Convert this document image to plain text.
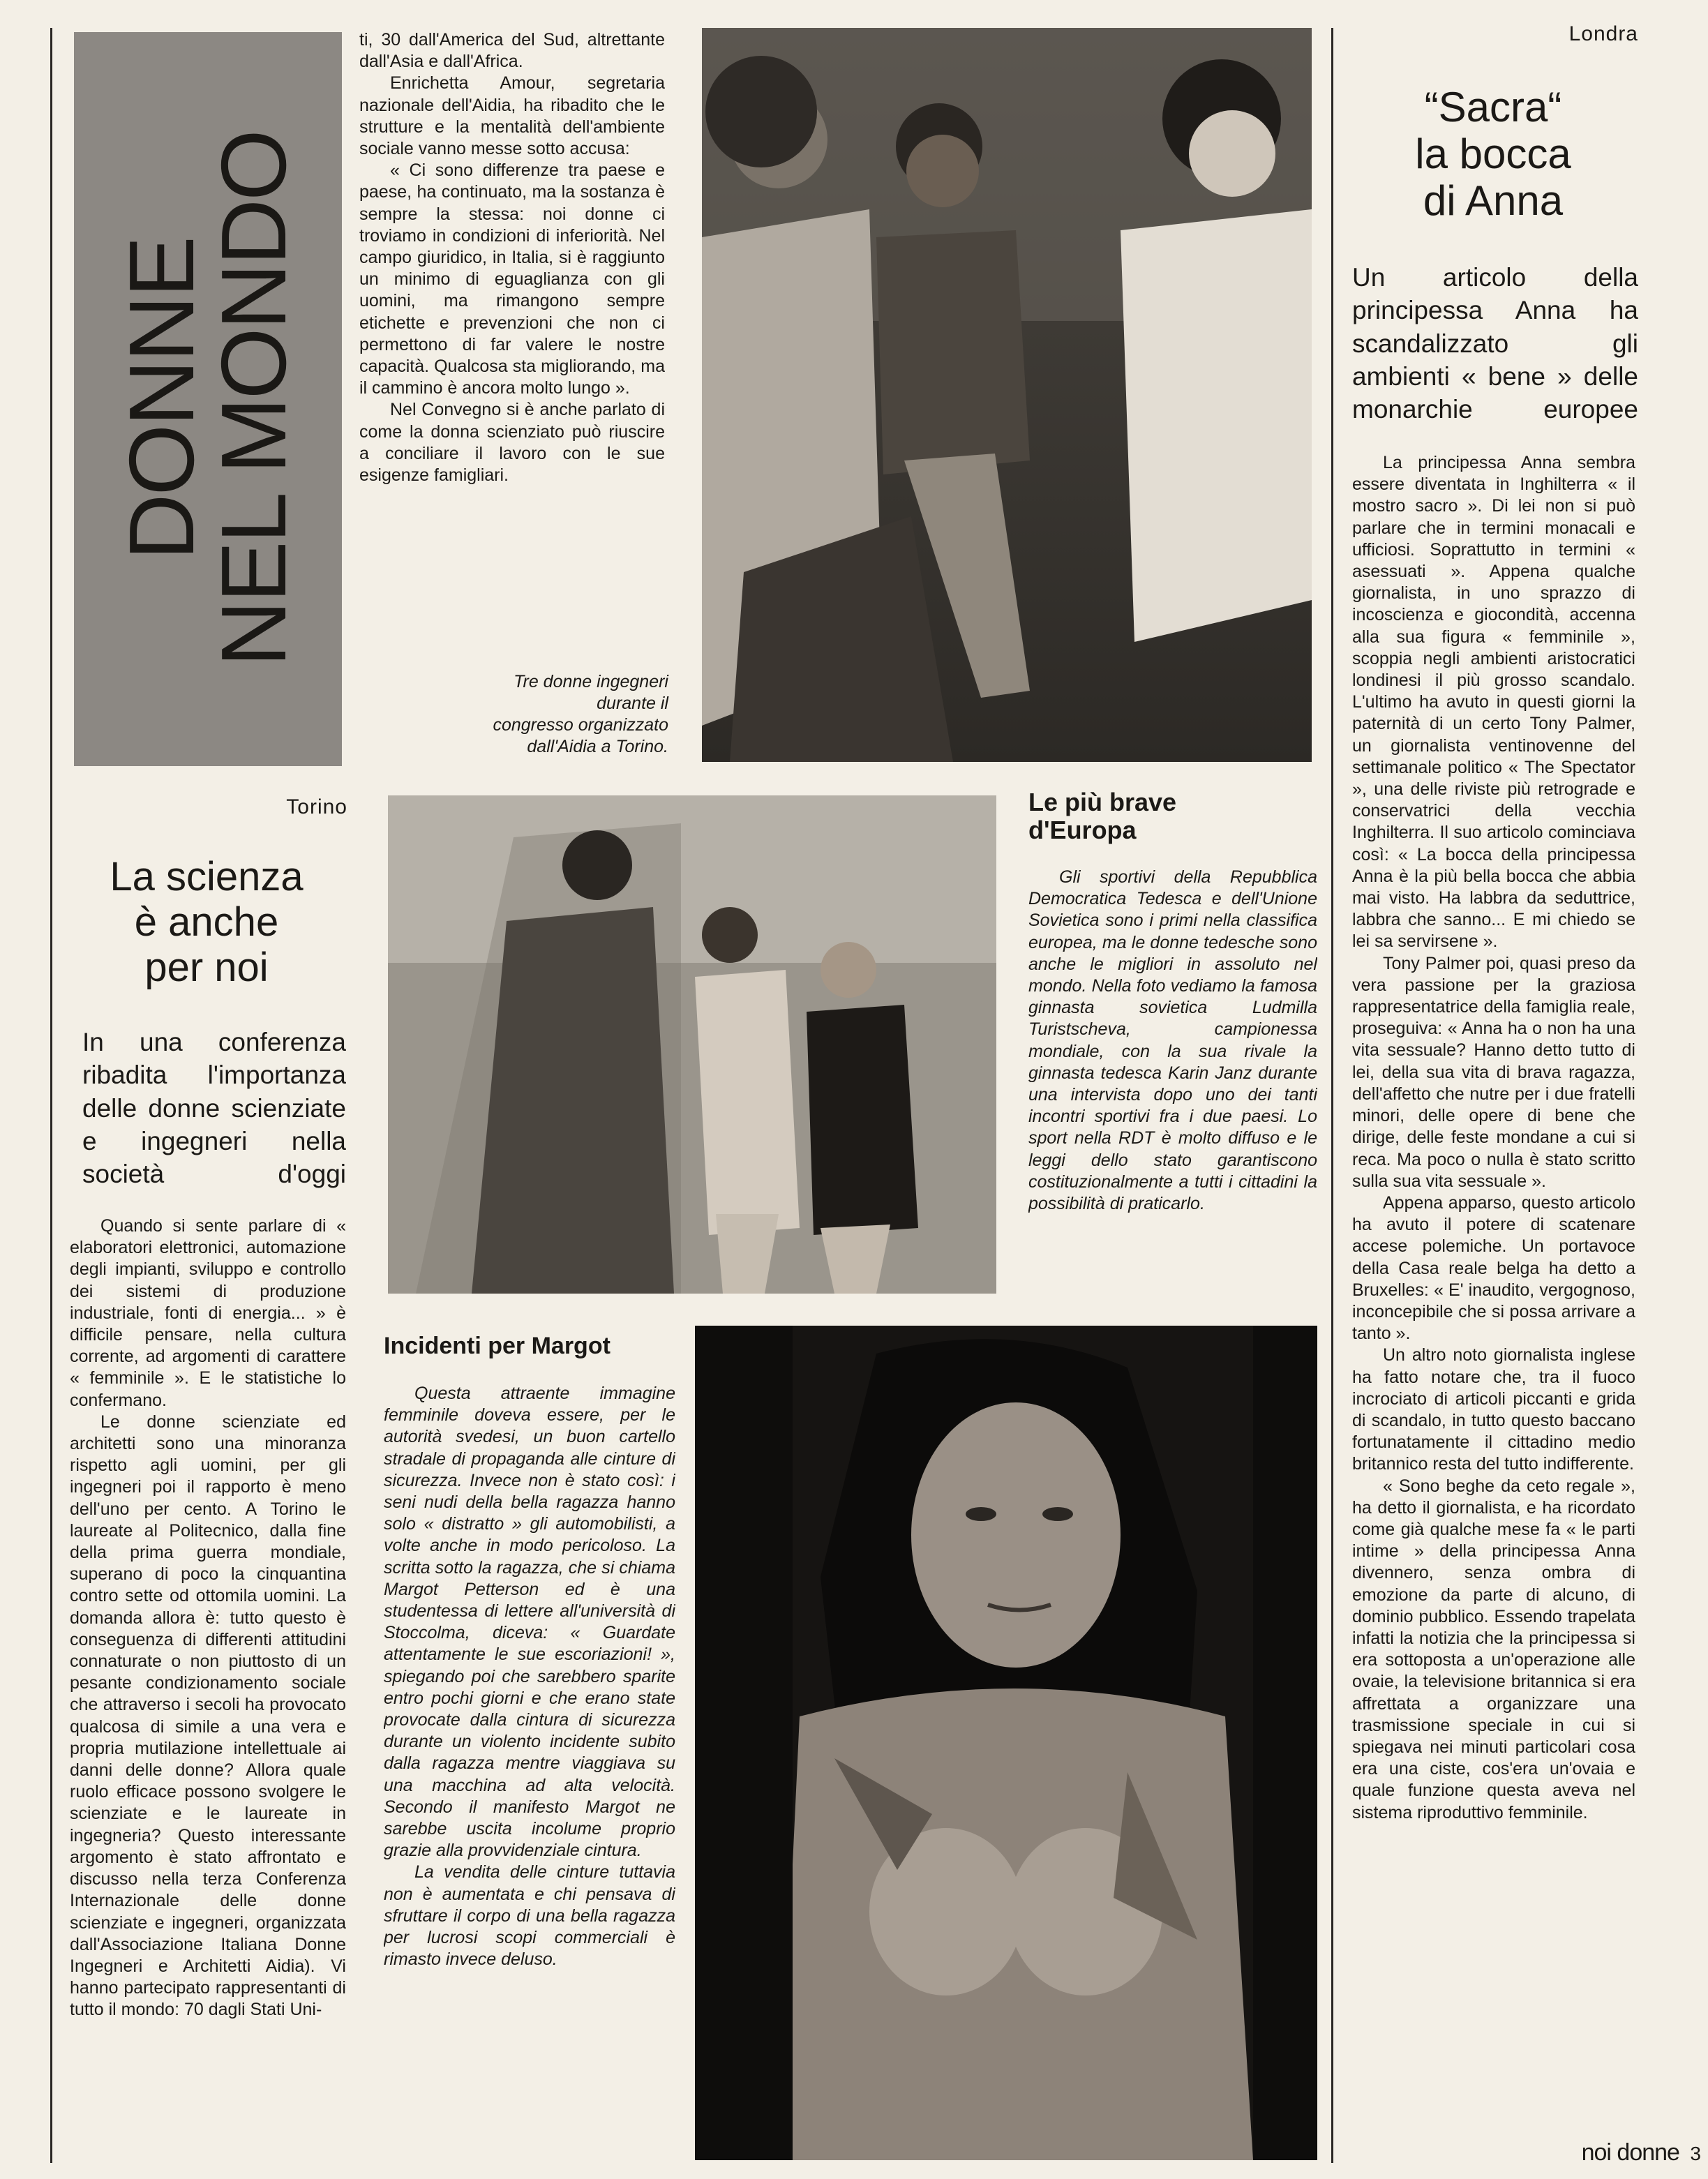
DONNE
NEL MONDO
Torino
La scienza
è anche
per noi
In una conferenza ribadita l'importanza delle donne scienziate e ingegneri nella società d'oggi

Quando si sente parlare di « elaboratori elettronici, automazione degli impianti, sviluppo e controllo dei sistemi di produzione industriale, fonti di energia... » è difficile pensare, nella cultura corrente, ad argomenti di carattere « femminile ». E le statistiche lo confermano.

Le donne scienziate ed architetti sono una minoranza rispetto agli uomini, per gli ingegneri poi il rapporto è meno dell'uno per cento. A Torino le laureate al Politecnico, dalla fine della prima guerra mondiale, superano di poco la cinquantina contro sette od ottomila uomini. La domanda allora è: tutto questo è conseguenza di differenti attitudini connaturate o non piuttosto di un pesante condizionamento sociale che attraverso i secoli ha provocato qualcosa di simile a una vera e propria mutilazione intellettuale ai danni delle donne? Allora quale ruolo efficace possono svolgere le scienziate e le laureate in ingegneria? Questo interessante argomento è stato affrontato e discusso nella terza Conferenza Internazionale delle donne scienziate e ingegneri, organizzata dall'Associazione Italiana Donne Ingegneri e Architetti Aidia). Vi hanno partecipato rappresentanti di tutto il mondo: 70 dagli Stati Uni-

ti, 30 dall'America del Sud, altrettante dall'Asia e dall'Africa.

Enrichetta Amour, segretaria nazionale dell'Aidia, ha ribadito che le strutture e la mentalità dell'ambiente sociale vanno messe sotto accusa:

« Ci sono differenze tra paese e paese, ha continuato, ma la sostanza è sempre la stessa: noi donne ci troviamo in condizioni di inferiorità. Nel campo giuridico, in Italia, si è raggiunto un minimo di eguaglianza con gli uomini, ma rimangono sempre etichette e prevenzioni che non ci permettono di far valere le nostre capacità. Qualcosa sta migliorando, ma il cammino è ancora molto lungo ».

Nel Convegno si è anche parlato di come la donna scienziato può riuscire a conciliare il lavoro con le sue esigenze famigliari.

Tre donne ingegneri
durante il
congresso organizzato
dall'Aidia a Torino.
Le più brave
d'Europa

Gli sportivi della Repubblica Democratica Tedesca e dell'Unione Sovietica sono i primi nella classifica europea, ma le donne tedesche sono anche le migliori in assoluto nel mondo. Nella foto vediamo la famosa ginnasta sovietica Ludmilla Turistscheva, campionessa mondiale, con la sua rivale la ginnasta tedesca Karin Janz durante una intervista dopo uno dei tanti incontri sportivi fra i due paesi. Lo sport nella RDT è molto diffuso e le leggi dello stato garantiscono costituzionalmente a tutti i cittadini la possibilità di praticarlo.

Incidenti per Margot

Questa attraente immagine femminile doveva essere, per le autorità svedesi, un buon cartello stradale di propaganda alle cinture di sicurezza. Invece non è stato così: i seni nudi della bella ragazza hanno solo « distratto » gli automobilisti, a volte anche in modo pericoloso. La scritta sotto la ragazza, che si chiama Margot Petterson ed è una studentessa di lettere all'università di Stoccolma, diceva: « Guardate attentamente le sue escoriazioni! », spiegando poi che sarebbero sparite entro pochi giorni e che erano state provocate dalla cintura di sicurezza durante un violento incidente subito dalla ragazza mentre viaggiava su una macchina ad alta velocità. Secondo il manifesto Margot ne sarebbe uscita incolume proprio grazie alla provvidenziale cintura.

La vendita delle cinture tuttavia non è aumentata e chi pensava di sfruttare il corpo di una bella ragazza per lucrosi scopi commerciali è rimasto invece deluso.

Londra
“Sacra“
la bocca
di Anna
Un articolo della principessa Anna ha scandalizzato gli ambienti « bene » delle monarchie europee

La principessa Anna sembra essere diventata in Inghilterra « il mostro sacro ». Di lei non si può parlare che in termini monacali e ufficiosi. Soprattutto in termini « asessuati ». Appena qualche giornalista, in uno sprazzo di incoscienza e giocondità, accenna alla sua figura « femminile », scoppia negli ambienti aristocratici londinesi il più grosso scandalo. L'ultimo ha avuto in questi giorni la paternità di un certo Tony Palmer, un giornalista ventinovenne del settimanale politico « The Spectator », una delle riviste più retrograde e conservatrici della vecchia Inghilterra. Il suo articolo cominciava così: « La bocca della principessa Anna è la più bella bocca che abbia mai visto. Ha labbra da seduttrice, labbra che sanno... E mi chiedo se lei sa servirsene ».

Tony Palmer poi, quasi preso da vera passione per la graziosa rappresentatrice della famiglia reale, proseguiva: « Anna ha o non ha una vita sessuale? Hanno detto tutto di lei, della sua vita di brava ragazza, dell'affetto che nutre per i due fratelli minori, delle opere di bene che dirige, delle feste mondane a cui si reca. Ma poco o nulla è stato scritto sulla sua vita sessuale ».

Appena apparso, questo articolo ha avuto il potere di scatenare accese polemiche. Un portavoce della Casa reale belga ha detto a Bruxelles: « E' inaudito, vergognoso, inconcepibile che si possa arrivare a tanto ».

Un altro noto giornalista inglese ha fatto notare che, tra il fuoco incrociato di articoli piccanti e grida di scandalo, in tutto questo baccano fortunatamente il cittadino medio britannico resta del tutto indifferente.

« Sono beghe da ceto regale », ha detto il giornalista, e ha ricordato come già qualche mese fa « le parti intime » della principessa Anna divennero, senza ombra di emozione da parte di alcuno, di dominio pubblico. Essendo trapelata infatti la notizia che la principessa si era sottoposta a un'operazione alle ovaie, la televisione britannica si era affrettata a organizzare una trasmissione speciale in cui si spiegava nei minuti particolari cosa era una ciste, cos'era un'ovaia e quale funzione questa aveva nel sistema riproduttivo femminile.

noi donne 3
